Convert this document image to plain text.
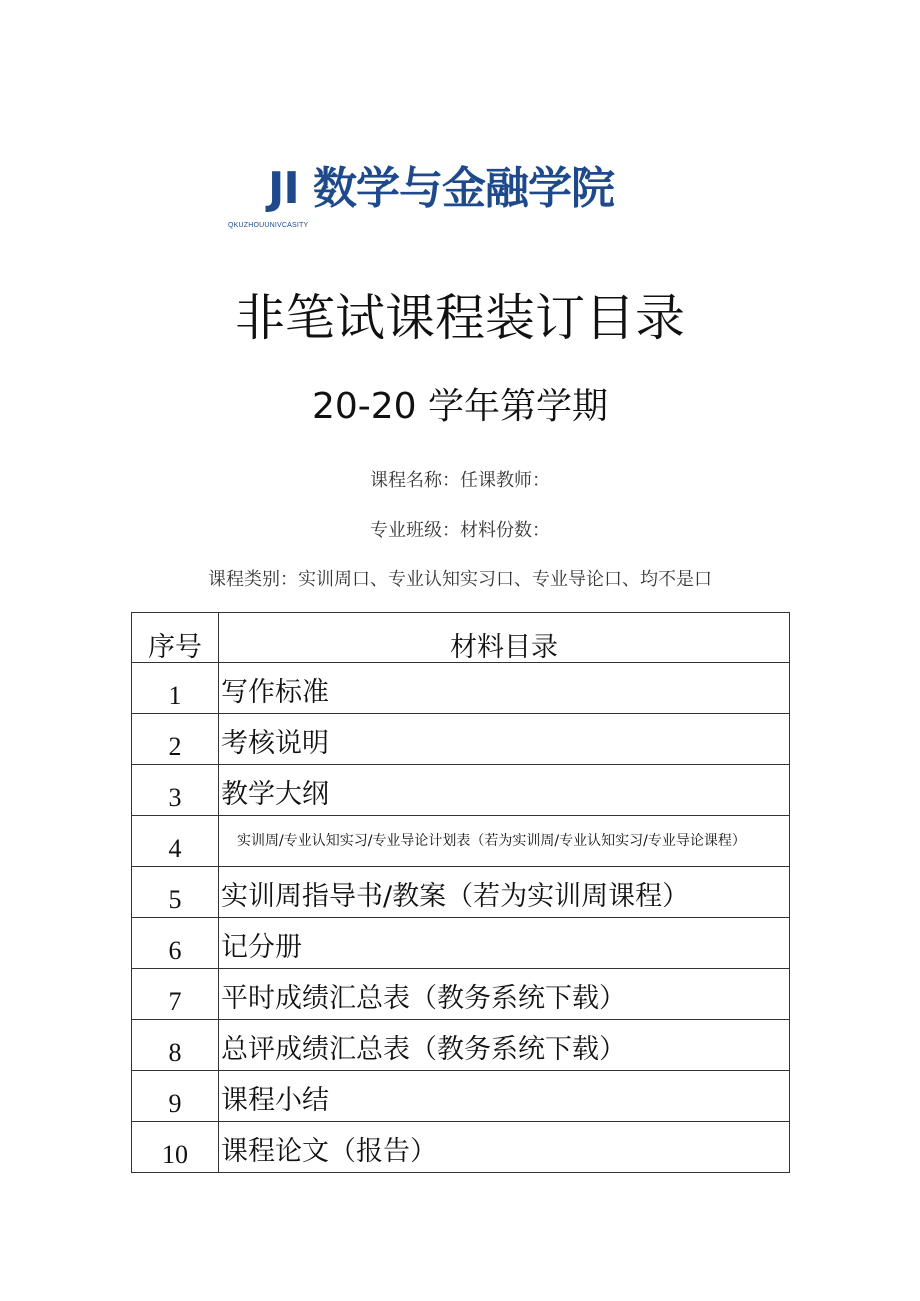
JI 数学与金融学院
QKUZHOUUNIVCASITY
非笔试课程装订目录
20-20 学年第学期
课程名称：任课教师：
专业班级：材料份数：
课程类别：实训周口、专业认知实习口、专业导论口、均不是口
序号	材料目录
1	写作标准
2	考核说明
3	教学大纲
4	实训周/专业认知实习/专业导论计划表（若为实训周/专业认知实习/专业导论课程）
5	实训周指导书/教案（若为实训周课程）
6	记分册
7	平时成绩汇总表（教务系统下载）
8	总评成绩汇总表（教务系统下载）
9	课程小结
10	课程论文（报告）
